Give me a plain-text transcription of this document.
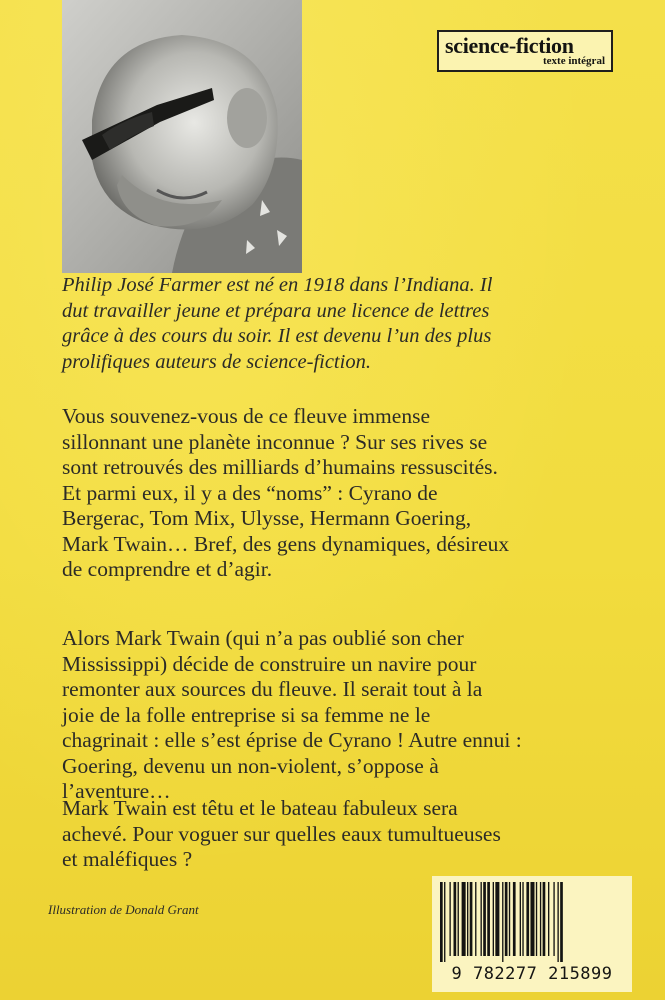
science-fiction
texte intégral
Philip José Farmer est né en 1918 dans l’Indiana. Il
dut travailler jeune et prépara une licence de lettres
grâce à des cours du soir. Il est devenu l’un des plus
prolifiques auteurs de science-fiction.
Vous souvenez-vous de ce fleuve immense
sillonnant une planète inconnue ? Sur ses rives se
sont retrouvés des milliards d’humains ressuscités.
Et parmi eux, il y a des “noms” : Cyrano de
Bergerac, Tom Mix, Ulysse, Hermann Goering,
Mark Twain… Bref, des gens dynamiques, désireux
de comprendre et d’agir.
Alors Mark Twain (qui n’a pas oublié son cher
Mississippi) décide de construire un navire pour
remonter aux sources du fleuve. Il serait tout à la
joie de la folle entreprise si sa femme ne le
chagrinait : elle s’est éprise de Cyrano ! Autre ennui :
Goering, devenu un non-violent, s’oppose à
l’aventure…
Mark Twain est têtu et le bateau fabuleux sera
achevé. Pour voguer sur quelles eaux tumultueuses
et maléfiques ?
Illustration de Donald Grant
9 782277 215899
